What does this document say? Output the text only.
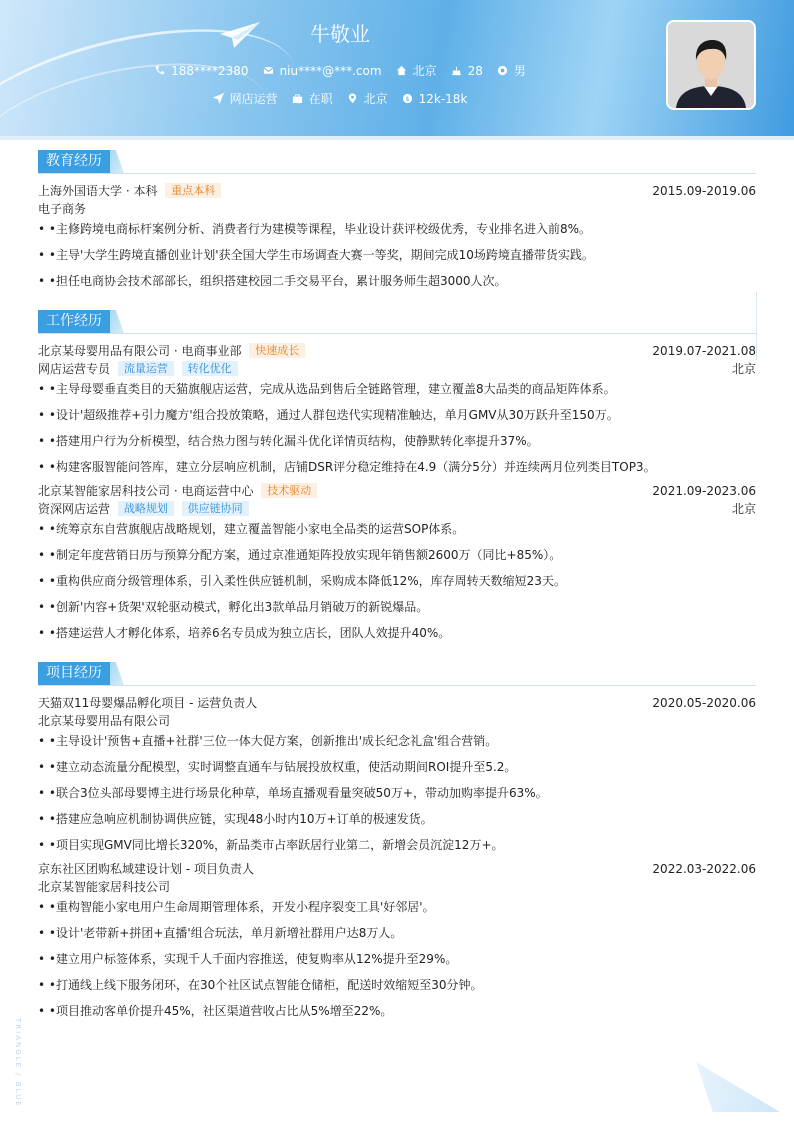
牛敬业
188****2380	niu****@***.com	北京	28	男
网店运营	在职	北京 $ 12k-18k
教育经历
上海外国语大学 · 本科 重点本科	2015.09-2019.06
电子商务
• •主修跨境电商标杆案例分析、消费者行为建模等课程，毕业设计获评校级优秀，专业排名进入前8%。
• •主导'大学生跨境直播创业计划'获全国大学生市场调查大赛一等奖，期间完成10场跨境直播带货实践。
• •担任电商协会技术部部长，组织搭建校园二手交易平台，累计服务师生超3000人次。
工作经历
北京某母婴用品有限公司 · 电商事业部 快速成长	2019.07-2021.08
网店运营专员 流量运营 转化优化	北京
• •主导母婴垂直类目的天猫旗舰店运营，完成从选品到售后全链路管理，建立覆盖8大品类的商品矩阵体系。
• •设计'超级推荐+引力魔方'组合投放策略，通过人群包迭代实现精准触达，单月GMV从30万跃升至150万。
• •搭建用户行为分析模型，结合热力图与转化漏斗优化详情页结构，使静默转化率提升37%。
• •构建客服智能问答库，建立分层响应机制，店铺DSR评分稳定维持在4.9（满分5分）并连续两月位列类目TOP3。
北京某智能家居科技公司 · 电商运营中心 技术驱动	2021.09-2023.06
资深网店运营 战略规划 供应链协同	北京
• •统筹京东自营旗舰店战略规划，建立覆盖智能小家电全品类的运营SOP体系。
• •制定年度营销日历与预算分配方案，通过京准通矩阵投放实现年销售额2600万（同比+85%）。
• •重构供应商分级管理体系，引入柔性供应链机制，采购成本降低12%，库存周转天数缩短23天。
• •创新'内容+货架'双轮驱动模式，孵化出3款单品月销破万的新锐爆品。
• •搭建运营人才孵化体系，培养6名专员成为独立店长，团队人效提升40%。
项目经历
天猫双11母婴爆品孵化项目 - 运营负责人	2020.05-2020.06
北京某母婴用品有限公司
• •主导设计'预售+直播+社群'三位一体大促方案，创新推出'成长纪念礼盒'组合营销。
• •建立动态流量分配模型，实时调整直通车与钻展投放权重，使活动期间ROI提升至5.2。
• •联合3位头部母婴博主进行场景化种草，单场直播观看量突破50万+，带动加购率提升63%。
• •搭建应急响应机制协调供应链，实现48小时内10万+订单的极速发货。
• •项目实现GMV同比增长320%，新品类市占率跃居行业第二，新增会员沉淀12万+。
京东社区团购私域建设计划 - 项目负责人	2022.03-2022.06
北京某智能家居科技公司
• •重构智能小家电用户生命周期管理体系，开发小程序裂变工具'好邻居'。
• •设计'老带新+拼团+直播'组合玩法，单月新增社群用户达8万人。
• •建立用户标签体系，实现千人千面内容推送，使复购率从12%提升至29%。
• •打通线上线下服务闭环，在30个社区试点智能仓储柜，配送时效缩短至30分钟。
• •项目推动客单价提升45%，社区渠道营收占比从5%增至22%。
TRIANGLE / BLUE
